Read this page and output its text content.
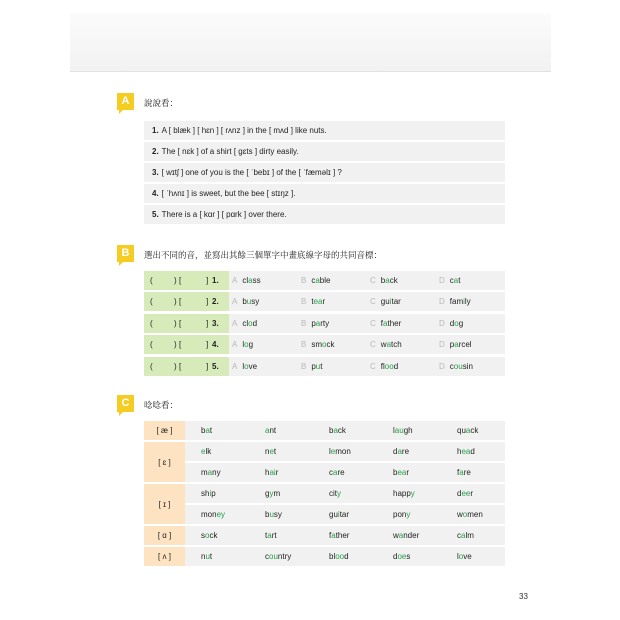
A	說說看：
1. A [ blæk ] [ hɛn ] [ rʌnz ] in the [ mʌd ] like nuts.
2. The [ nɛk ] of a shirt [ gɛts ] dirty easily.
3. [ wɪtʃ ] one of you is the [ ˈbebɪ ] of the [ ˈfæmǝlɪ ] ?
4. [ ˈhʌnɪ ] is sweet, but the bee [ stɪŋz ].
5. There is a [ kɑr ] [ pɑrk ] over there.
B	選出不同的音，並寫出其餘三個單字中畫底線字母的共同音標：
(	) [	] 1.	A class	B cable	C back	D cat
(	) [	] 2.	A busy	B tear	C guitar	D family
(	) [	] 3.	A clod	B party	C father	D dog
(	) [	] 4.	A log	B smock	C watch	D parcel
(	) [	] 5.	A love	B put	C flood	D cousin
C	唸唸看：
[ æ ]	bat	ant	back	laugh	quack
[ ɛ ]
elk	net	lemon	dare	head
many	hair	care	bear	fare
[ ɪ ]
ship	gym	city	happy	deer
money	busy	guitar	pony	women
[ ɑ ]	sock	tart	father	wander	calm
[ ʌ ]	nut	country	blood	does	love
33
